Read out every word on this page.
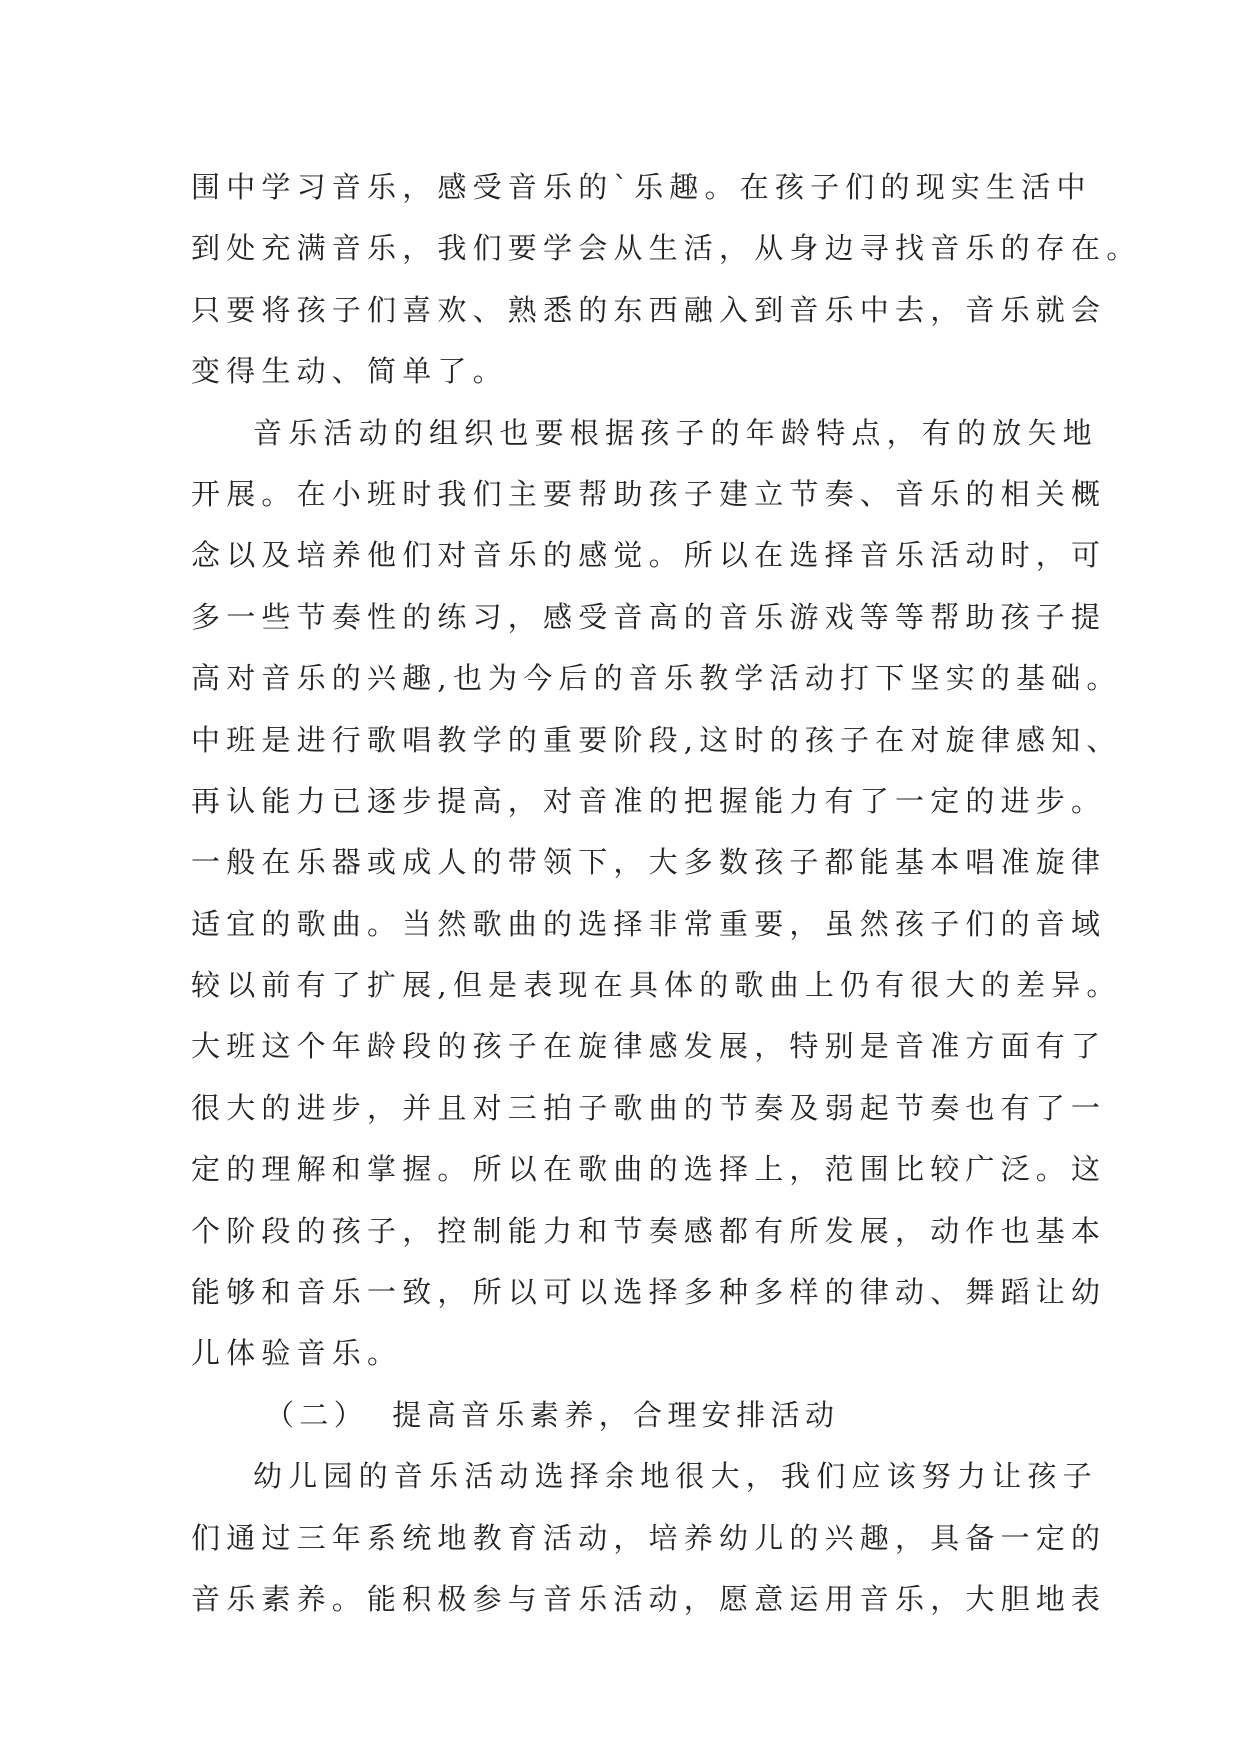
围中学习音乐，感受音乐的`乐趣。在孩子们的现实生活中
到处充满音乐，我们要学会从生活，从身边寻找音乐的存在。
只要将孩子们喜欢、熟悉的东西融入到音乐中去，音乐就会
变得生动、简单了。
音乐活动的组织也要根据孩子的年龄特点，有的放矢地
开展。在小班时我们主要帮助孩子建立节奏、音乐的相关概
念以及培养他们对音乐的感觉。所以在选择音乐活动时，可
多一些节奏性的练习，感受音高的音乐游戏等等帮助孩子提
高对音乐的兴趣,也为今后的音乐教学活动打下坚实的基础。
中班是进行歌唱教学的重要阶段,这时的孩子在对旋律感知、
再认能力已逐步提高，对音准的把握能力有了一定的进步。
一般在乐器或成人的带领下，大多数孩子都能基本唱准旋律
适宜的歌曲。当然歌曲的选择非常重要，虽然孩子们的音域
较以前有了扩展,但是表现在具体的歌曲上仍有很大的差异。
大班这个年龄段的孩子在旋律感发展，特别是音准方面有了
很大的进步，并且对三拍子歌曲的节奏及弱起节奏也有了一
定的理解和掌握。所以在歌曲的选择上，范围比较广泛。这
个阶段的孩子，控制能力和节奏感都有所发展，动作也基本
能够和音乐一致，所以可以选择多种多样的律动、舞蹈让幼
儿体验音乐。
（二） 提高音乐素养，合理安排活动
幼儿园的音乐活动选择余地很大，我们应该努力让孩子
们通过三年系统地教育活动，培养幼儿的兴趣，具备一定的
音乐素养。能积极参与音乐活动，愿意运用音乐，大胆地表
